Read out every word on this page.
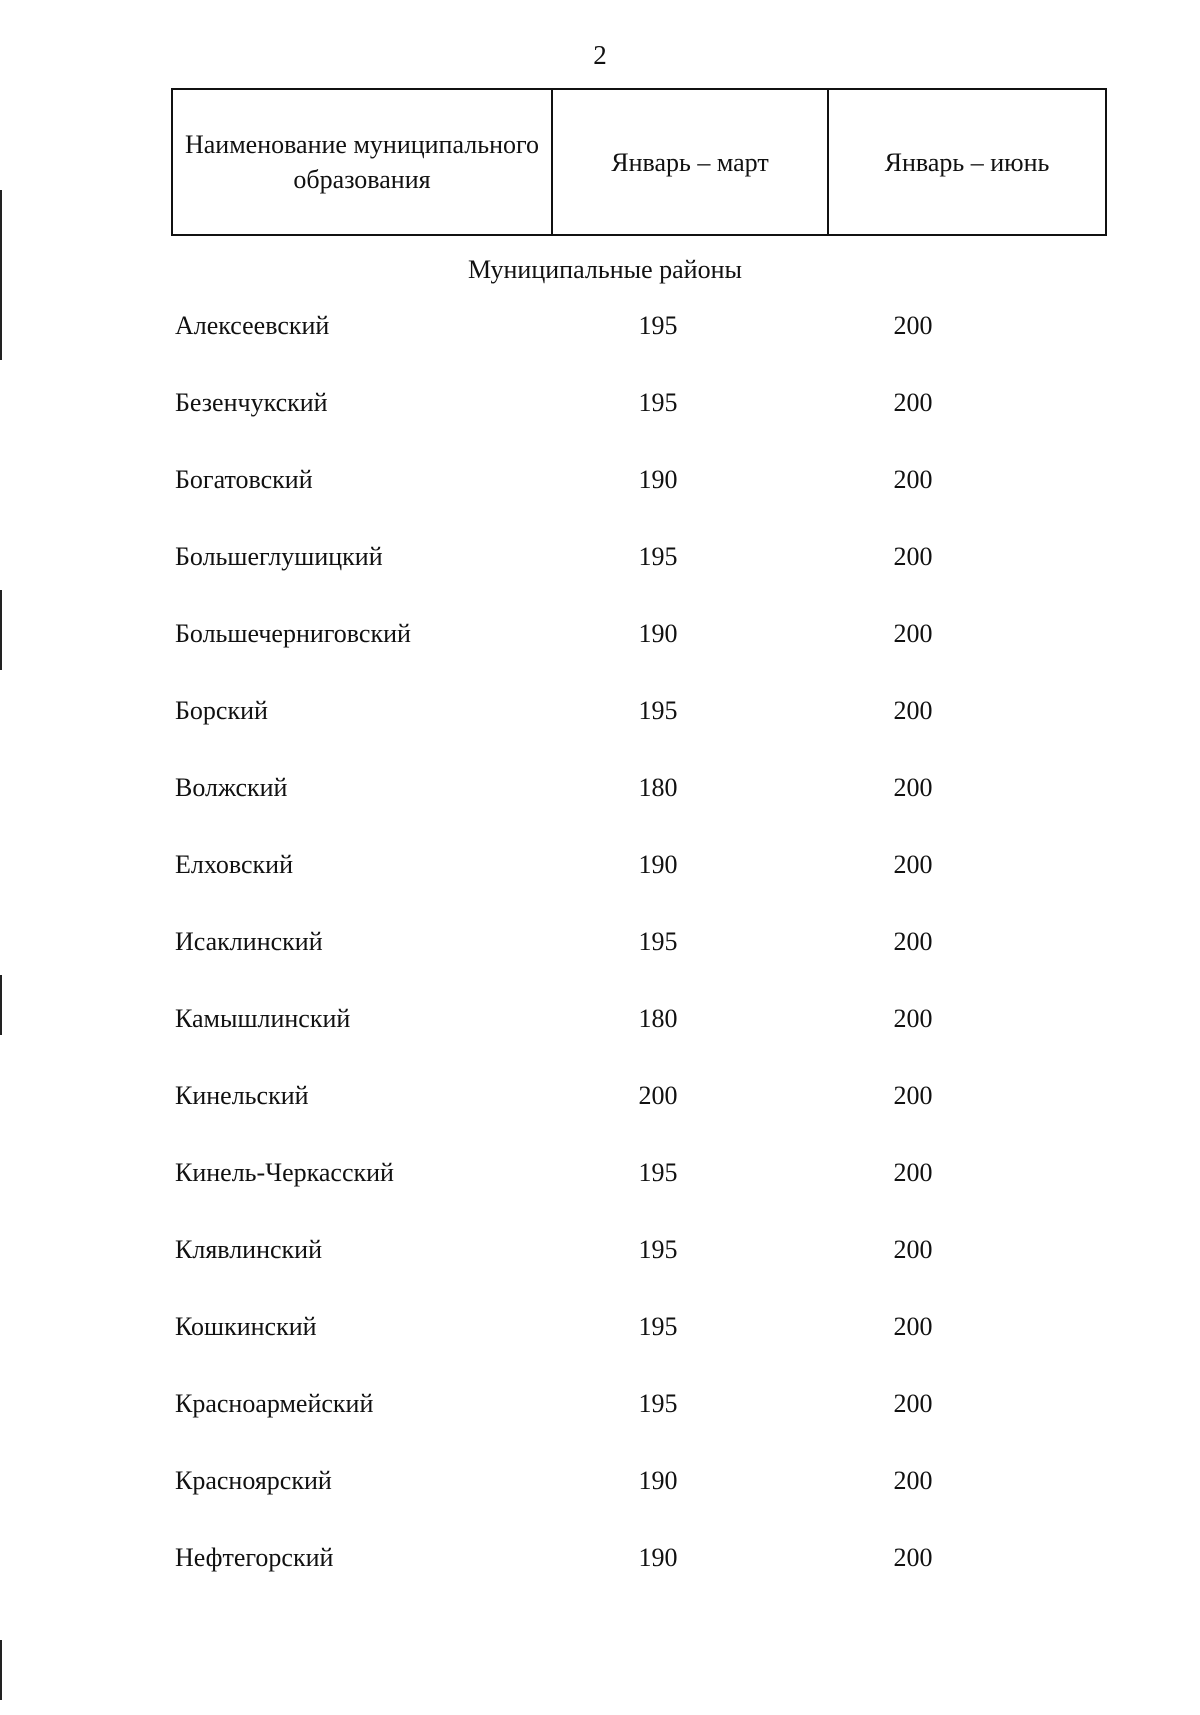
2
Наименование муниципального образования	Январь – март	Январь – июнь
Муниципальные районы
Алексеевский	195	200
Безенчукский	195	200
Богатовский	190	200
Большеглушицкий	195	200
Большечерниговский	190	200
Борский	195	200
Волжский	180	200
Елховский	190	200
Исаклинский	195	200
Камышлинский	180	200
Кинельский	200	200
Кинель-Черкасский	195	200
Клявлинский	195	200
Кошкинский	195	200
Красноармейский	195	200
Красноярский	190	200
Нефтегорский	190	200
